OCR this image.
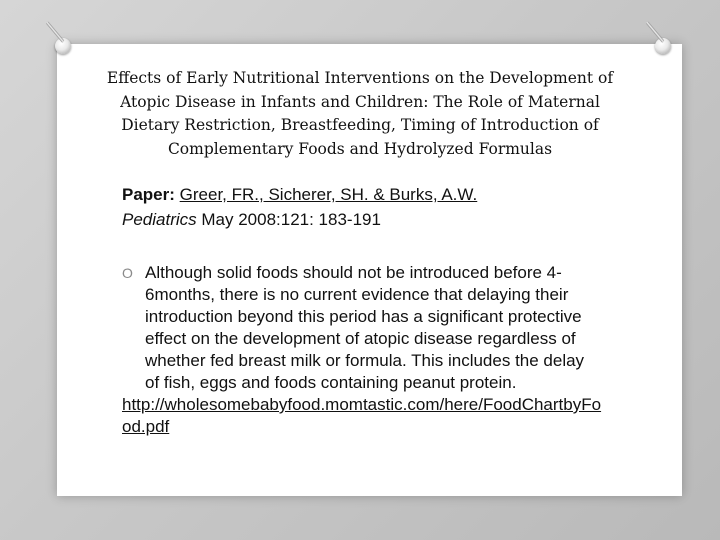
Effects of Early Nutritional Interventions on the Development of
Atopic Disease in Infants and Children: The Role of Maternal
Dietary Restriction, Breastfeeding, Timing of Introduction of
Complementary Foods and Hydrolyzed Formulas
Paper: Greer, FR., Sicherer, SH. & Burks, A.W.
Pediatrics May 2008:121: 183-191
O Although solid foods should not be introduced before 4-6months, there is no current evidence that delaying their introduction beyond this period has a significant protective effect on the development of atopic disease regardless of whether fed breast milk or formula. This includes the delay of fish, eggs and foods containing peanut protein.
http://wholesomebabyfood.momtastic.com/here/FoodChartbyFood.pdf
